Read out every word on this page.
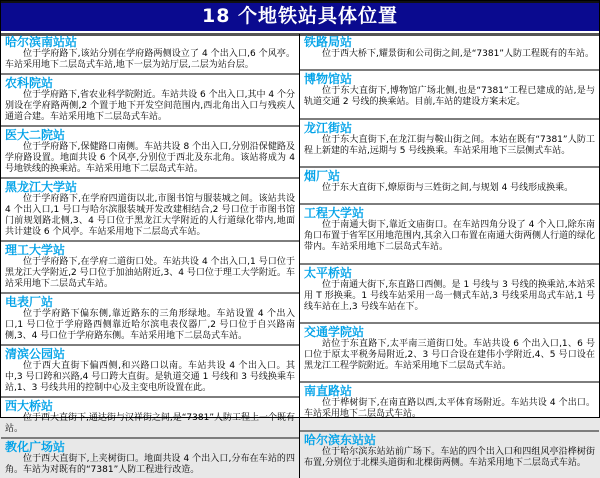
18 个地铁站具体位置
哈尔滨南站站

位于学府路下,该站分别在学府路两侧设立了 4 个出入口,6 个风亭。车站采用地下二层岛式车站,地下一层为站厅层,二层为站台层。

农科院站

位于学府路下,省农业科学院附近。车站共设 6 个出入口,其中 4 个分别设在学府路两侧,2 个置于地下开发空间范围内,西北角出入口与残疾人通道合建。车站采用地下二层岛式车站。

医大二院站

位于学府路下,保健路口南侧。车站共设 8 个出入口,分别沿保健路及学府路设置。地面共设 6 个风亭,分别位于西北及东北角。该站将成为 4 号地铁线的换乘站。车站采用地下二层岛式车站。

黑龙江大学站

位于学府路下,在学府四道街以北,市图书馆与服装城之间。该站共设 4 个出入口,1 号口与哈尔滨服装城开发改建相结合,2 号口位于市图书馆门前规划路北侧,3、4 号口位于黑龙江大学附近的人行道绿化带内,地面共计建设 6 个风亭。车站采用地下二层岛式车站。

理工大学站

位于学府路下,在学府二道街口处。车站共设 4 个出入口,1 号口位于黑龙江大学附近,2 号口位于加油站附近,3、4 号口位于理工大学附近。车站采用地下二层岛式车站。

电表厂站

位于学府路下偏东侧,靠近路东的三角形绿地。车站设置 4 个出入口,1 号口位于学府路西侧靠近哈尔滨电表仪器厂,2 号口位于自兴路南侧,3、4 号口位于学府路东侧。车站采用地下二层岛式车站。

清滨公园站

位于西大直街下偏西侧,和兴路口以南。车站共设 4 个出入口。其中,3 号口跨和兴路,4 号口跨大直街。是轨道交通 1 号线和 3 号线换乘车站,1、3 号线共用的控制中心及主变电所设置在此。

西大桥站

位于西大直街下,通达街与汉祥街之间,是“7381”人防工程上一个既有站。

教化广场站

位于西大直街下,上夹树街口。地面共设 4 个出入口,分布在车站的四角。车站为对既有的“7381”人防工程进行改造。

铁路局站

位于西大桥下,耀景街和公司街之间,是“7381”人防工程既有的车站。

博物馆站

位于东大直街下,博物馆广场北侧,也是“7381”工程已建成的站,是与轨道交通 2 号线的换乘站。目前,车站的建设方案未定。

龙江街站

位于东大直街下,在龙江街与鞍山街之间。本站在既有“7381”人防工程上新建的车站,远期与 5 号线换乘。车站采用地下三层侧式车站。

烟厂站

位于东大直街下,燎原街与三姓街之间,与规划 4 号线形成换乘。

工程大学站

位于南通大街下,靠近文庙街口。在车站四角分设了 4 个入口,除东南角口布置于省军区用地范围内,其余入口布置在南通大街两侧人行道的绿化带内。车站采用地下二层岛式车站。

太平桥站

位于南通大街下,东直路口西侧。是 1 号线与 3 号线的换乘站,本站采用 T 形换乘。1 号线车站采用一岛一侧式车站,3 号线采用岛式车站,1 号线车站在上,3 号线车站在下。

交通学院站

站位于东直路下,太平南三道街口处。车站共设 6 个出入口,1、6 号口位于原太平税务局附近,2、3 号口合设在建伟小学附近,4、5 号口设在黑龙江工程学院附近。车站采用地下二层岛式车站。

南直路站

位于桦树街下,在南直路以西,太平体育场附近。车站共设 4 个出口。车站采用地下二层岛式车站。

哈尔滨东站站

位于哈尔滨东站站前广场下。车站的四个出入口和四组风亭沿桦树街布置,分别位于北棵头道街和北棵街两侧。车站采用地下二层岛式车站。
